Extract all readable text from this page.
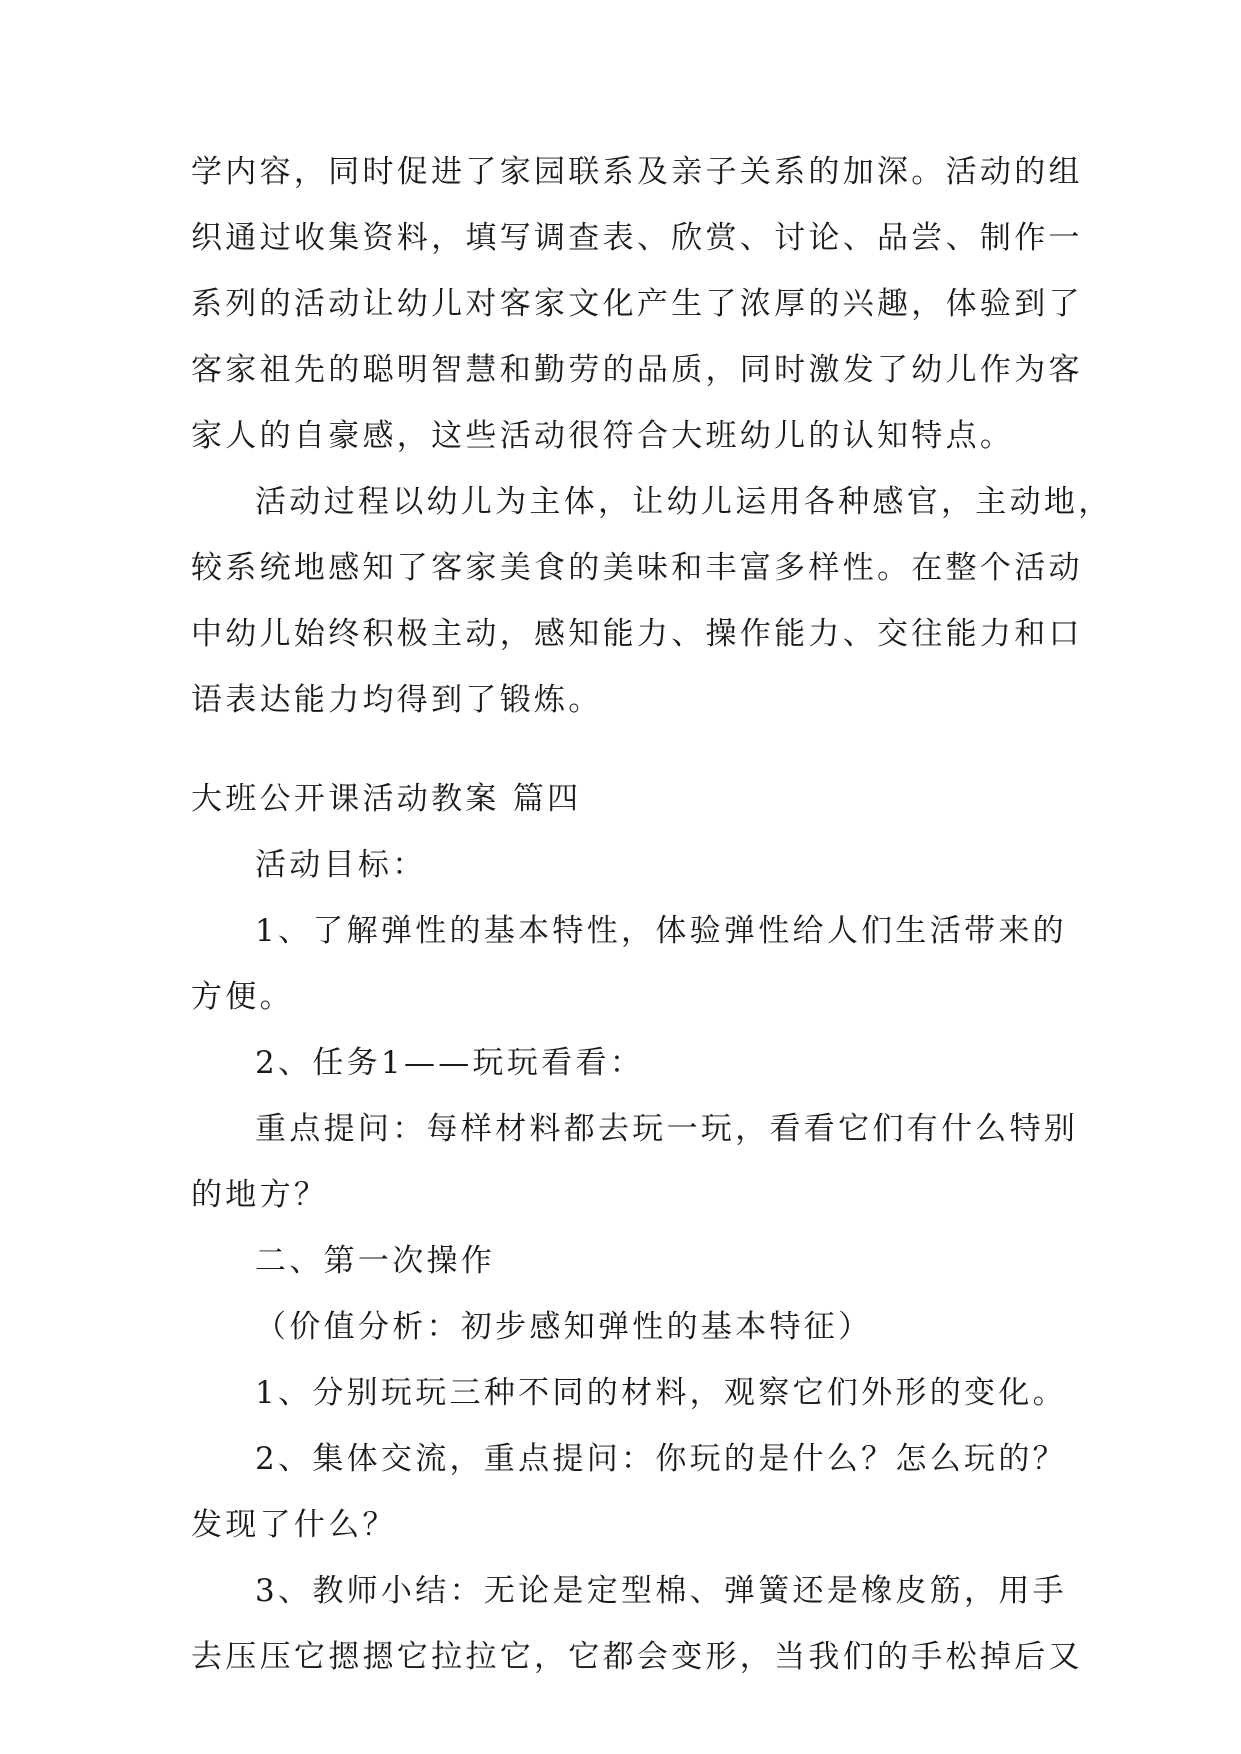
学内容，同时促进了家园联系及亲子关系的加深。活动的组
织通过收集资料，填写调查表、欣赏、讨论、品尝、制作一
系列的活动让幼儿对客家文化产生了浓厚的兴趣，体验到了
客家祖先的聪明智慧和勤劳的品质，同时激发了幼儿作为客
家人的自豪感，这些活动很符合大班幼儿的认知特点。
活动过程以幼儿为主体，让幼儿运用各种感官，主动地，
较系统地感知了客家美食的美味和丰富多样性。在整个活动
中幼儿始终积极主动，感知能力、操作能力、交往能力和口
语表达能力均得到了锻炼。
大班公开课活动教案 篇四
活动目标：
1、了解弹性的基本特性，体验弹性给人们生活带来的
方便。
2、任务1——玩玩看看：
重点提问：每样材料都去玩一玩，看看它们有什么特别
的地方？
二、第一次操作
（价值分析：初步感知弹性的基本特征）
1、分别玩玩三种不同的材料，观察它们外形的变化。
2、集体交流，重点提问：你玩的是什么？怎么玩的？
发现了什么？
3、教师小结：无论是定型棉、弹簧还是橡皮筋，用手
去压压它摁摁它拉拉它，它都会变形，当我们的手松掉后又
